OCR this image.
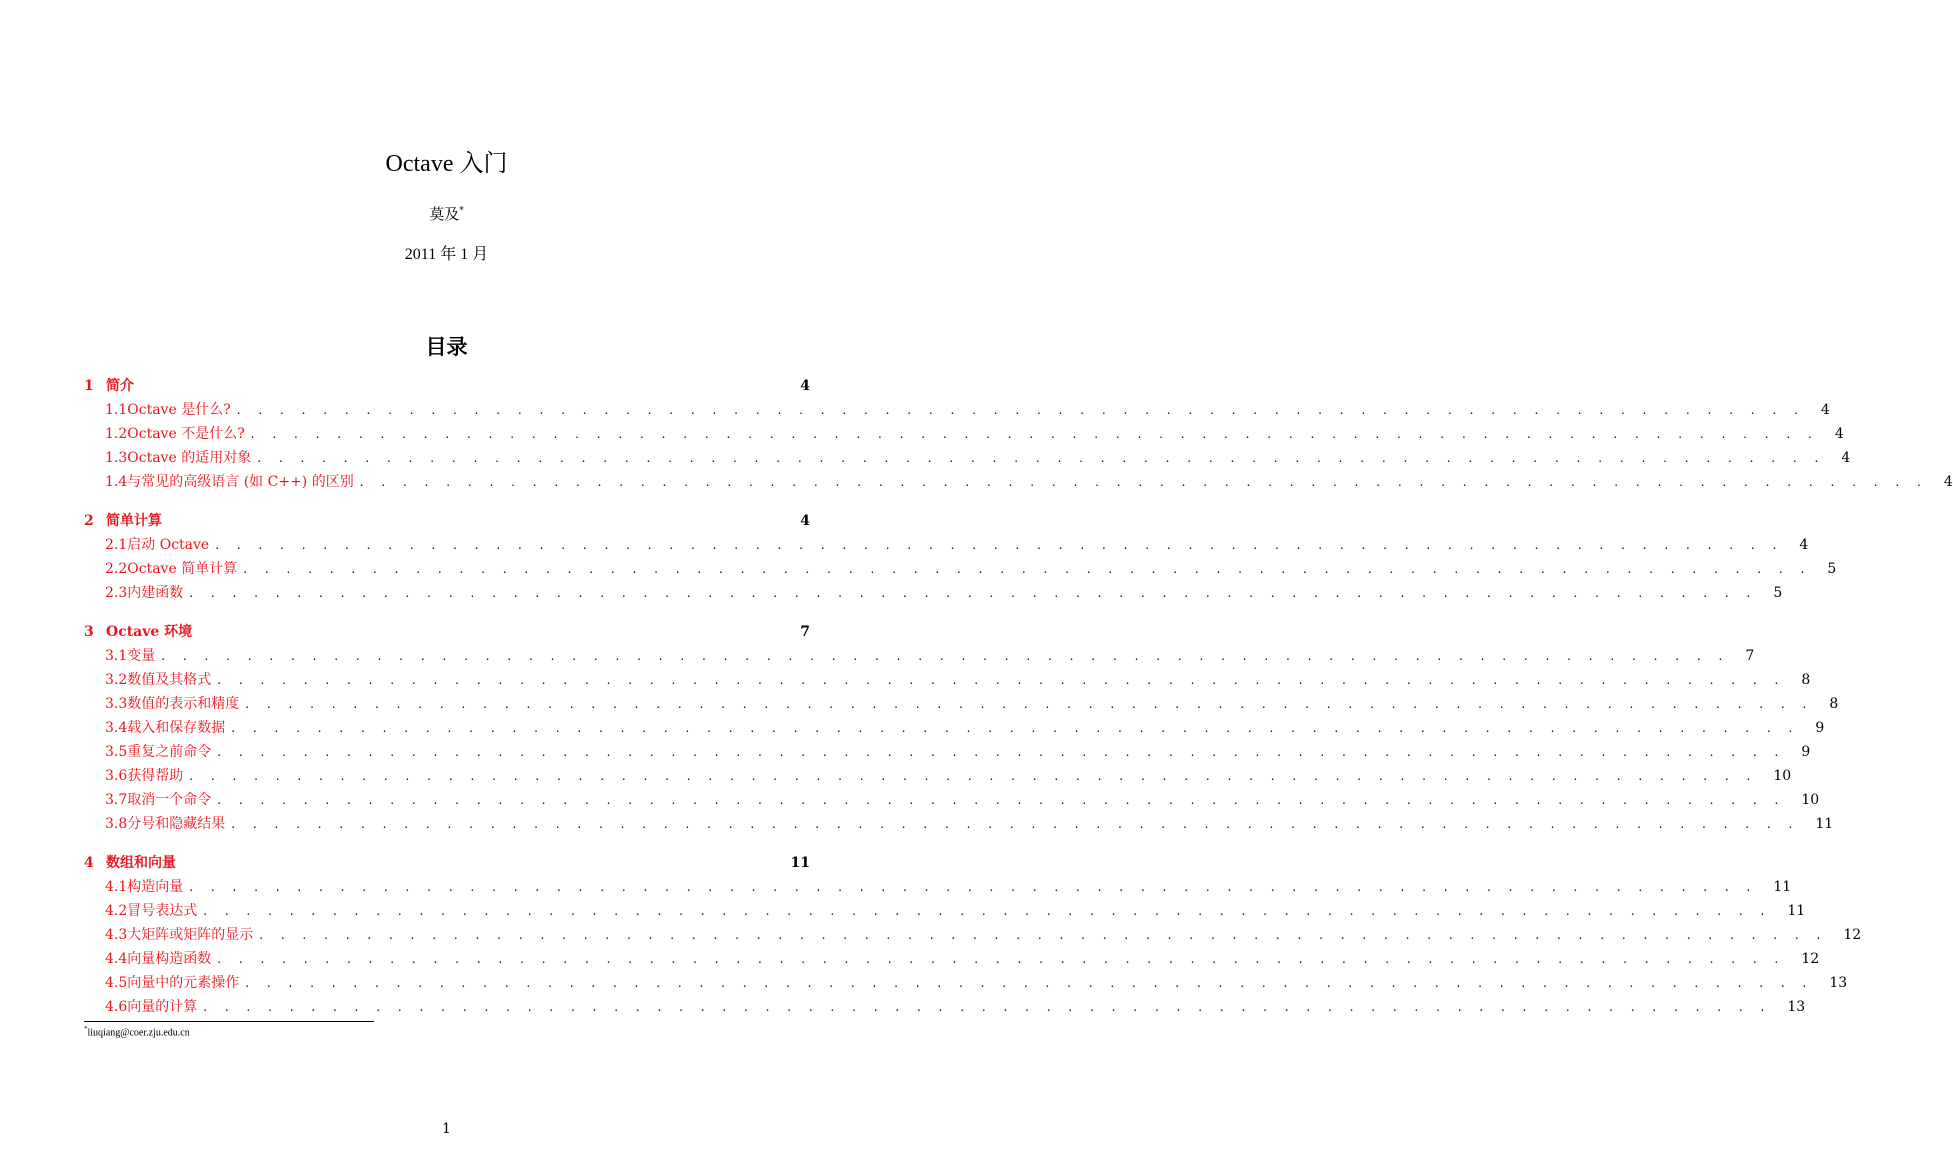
Octave 入门
莫及*
2011 年 1 月
目录
1 简介	4
1.1 Octave 是什么? . . . . . . . . . . . . . . . . . . . . . . . . . . . . . . . . . . . . . . . . . . . . . . . . . . . . . . . . . . . . . . . . . . . . . . . . . 4
1.2 Octave 不是什么? . . . . . . . . . . . . . . . . . . . . . . . . . . . . . . . . . . . . . . . . . . . . . . . . . . . . . . . . . . . . . . . . . . . . . . . . . 4
1.3 Octave 的适用对象 . . . . . . . . . . . . . . . . . . . . . . . . . . . . . . . . . . . . . . . . . . . . . . . . . . . . . . . . . . . . . . . . . . . . . . . . . 4
1.4 与常见的高级语言 (如 C++) 的区别 . . . . . . . . . . . . . . . . . . . . . . . . . . . . . . . . . . . . . . . . . . . . . . . . . . . . . . . . . . . . . . . . . . . . . . . . . 4
2 简单计算	4
2.1 启动 Octave . . . . . . . . . . . . . . . . . . . . . . . . . . . . . . . . . . . . . . . . . . . . . . . . . . . . . . . . . . . . . . . . . . . . . . . . . 4
2.2 Octave 简单计算 . . . . . . . . . . . . . . . . . . . . . . . . . . . . . . . . . . . . . . . . . . . . . . . . . . . . . . . . . . . . . . . . . . . . . . . . . 5
2.3 内建函数 . . . . . . . . . . . . . . . . . . . . . . . . . . . . . . . . . . . . . . . . . . . . . . . . . . . . . . . . . . . . . . . . . . . . . . . . . 5
3 Octave 环境	7
3.1 变量 . . . . . . . . . . . . . . . . . . . . . . . . . . . . . . . . . . . . . . . . . . . . . . . . . . . . . . . . . . . . . . . . . . . . . . . . . 7
3.2 数值及其格式 . . . . . . . . . . . . . . . . . . . . . . . . . . . . . . . . . . . . . . . . . . . . . . . . . . . . . . . . . . . . . . . . . . . . . . . . . 8
3.3 数值的表示和精度 . . . . . . . . . . . . . . . . . . . . . . . . . . . . . . . . . . . . . . . . . . . . . . . . . . . . . . . . . . . . . . . . . . . . . . . . . 8
3.4 载入和保存数据 . . . . . . . . . . . . . . . . . . . . . . . . . . . . . . . . . . . . . . . . . . . . . . . . . . . . . . . . . . . . . . . . . . . . . . . . . 9
3.5 重复之前命令 . . . . . . . . . . . . . . . . . . . . . . . . . . . . . . . . . . . . . . . . . . . . . . . . . . . . . . . . . . . . . . . . . . . . . . . . . 9
3.6 获得帮助 . . . . . . . . . . . . . . . . . . . . . . . . . . . . . . . . . . . . . . . . . . . . . . . . . . . . . . . . . . . . . . . . . . . . . . . . . 10
3.7 取消一个命令 . . . . . . . . . . . . . . . . . . . . . . . . . . . . . . . . . . . . . . . . . . . . . . . . . . . . . . . . . . . . . . . . . . . . . . . . . 10
3.8 分号和隐藏结果 . . . . . . . . . . . . . . . . . . . . . . . . . . . . . . . . . . . . . . . . . . . . . . . . . . . . . . . . . . . . . . . . . . . . . . . . . 11
4 数组和向量	11
4.1 构造向量 . . . . . . . . . . . . . . . . . . . . . . . . . . . . . . . . . . . . . . . . . . . . . . . . . . . . . . . . . . . . . . . . . . . . . . . . . 11
4.2 冒号表达式 . . . . . . . . . . . . . . . . . . . . . . . . . . . . . . . . . . . . . . . . . . . . . . . . . . . . . . . . . . . . . . . . . . . . . . . . . 11
4.3 大矩阵或矩阵的显示 . . . . . . . . . . . . . . . . . . . . . . . . . . . . . . . . . . . . . . . . . . . . . . . . . . . . . . . . . . . . . . . . . . . . . . . . . 12
4.4 向量构造函数 . . . . . . . . . . . . . . . . . . . . . . . . . . . . . . . . . . . . . . . . . . . . . . . . . . . . . . . . . . . . . . . . . . . . . . . . . 12
4.5 向量中的元素操作 . . . . . . . . . . . . . . . . . . . . . . . . . . . . . . . . . . . . . . . . . . . . . . . . . . . . . . . . . . . . . . . . . . . . . . . . . 13
4.6 向量的计算 . . . . . . . . . . . . . . . . . . . . . . . . . . . . . . . . . . . . . . . . . . . . . . . . . . . . . . . . . . . . . . . . . . . . . . . . . 13
*liuqiang@coer.zju.edu.cn
1
